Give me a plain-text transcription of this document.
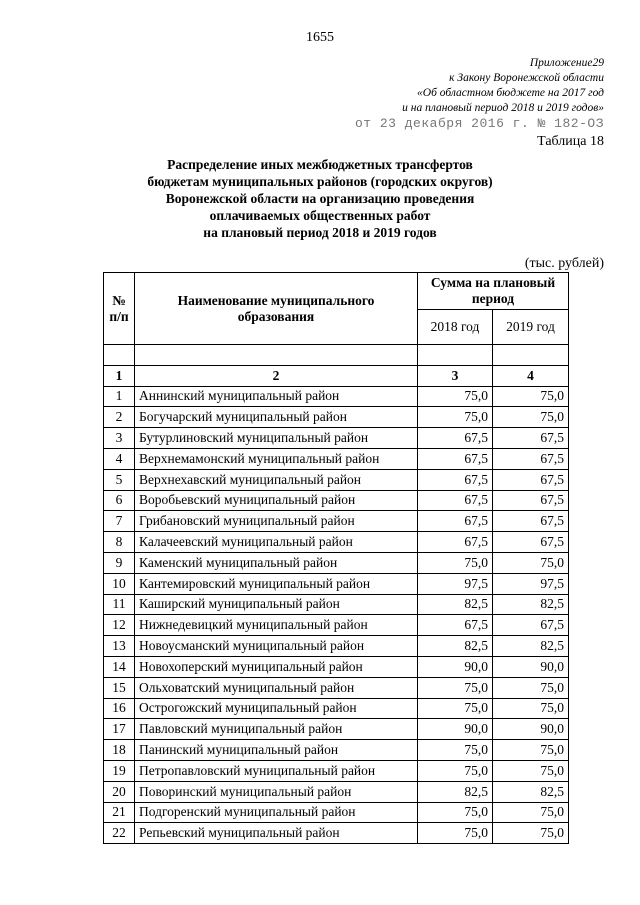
1655
Приложение29
к Закону Воронежской области
«Об областном бюджете на 2017 год
и на плановый период 2018 и 2019 годов»
от 23 декабря 2016 г. № 182-ОЗ
Таблица 18
Распределение иных межбюджетных трансфертов
бюджетам муниципальных районов (городских округов)
Воронежской области на организацию проведения
оплачиваемых общественных работ
на плановый период 2018 и 2019 годов
(тыс. рублей)
№ п/п	Наименование муниципального образования	Сумма на плановый период	
		2018 год	2019 год

1	2	3	4
1	Аннинский муниципальный район	75,0	75,0
2	Богучарский муниципальный район	75,0	75,0
3	Бутурлиновский муниципальный район	67,5	67,5
4	Верхнемамонский муниципальный район	67,5	67,5
5	Верхнехавский муниципальный район	67,5	67,5
6	Воробьевский муниципальный район	67,5	67,5
7	Грибановский муниципальный район	67,5	67,5
8	Калачеевский муниципальный район	67,5	67,5
9	Каменский муниципальный район	75,0	75,0
10	Кантемировский муниципальный район	97,5	97,5
11	Каширский муниципальный район	82,5	82,5
12	Нижнедевицкий муниципальный район	67,5	67,5
13	Новоусманский муниципальный район	82,5	82,5
14	Новохоперский муниципальный район	90,0	90,0
15	Ольховатский муниципальный район	75,0	75,0
16	Острогожский муниципальный район	75,0	75,0
17	Павловский муниципальный район	90,0	90,0
18	Панинский муниципальный район	75,0	75,0
19	Петропавловский муниципальный район	75,0	75,0
20	Поворинский муниципальный район	82,5	82,5
21	Подгоренский муниципальный район	75,0	75,0
22	Репьевский муниципальный район	75,0	75,0
